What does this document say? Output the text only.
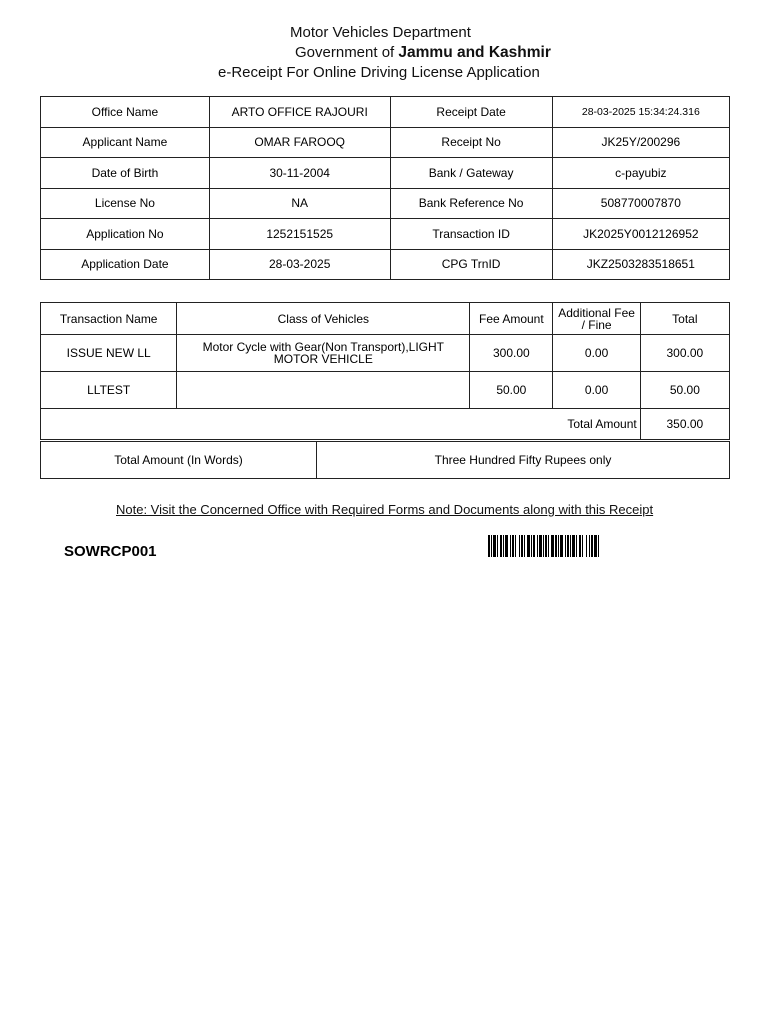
Motor Vehicles Department
Government of Jammu and Kashmir
e-Receipt For Online Driving License Application
Office Name	ARTO OFFICE RAJOURI	Receipt Date	28-03-2025 15:34:24.316
Applicant Name	OMAR FAROOQ	Receipt No	JK25Y/200296
Date of Birth	30-11-2004	Bank / Gateway	c-payubiz
License No	NA	Bank Reference No	508770007870
Application No	1252151525	Transaction ID	JK2025Y0012126952
Application Date	28-03-2025	CPG TrnID	JKZ2503283518651
Transaction Name	Class of Vehicles	Fee Amount	Additional Fee / Fine	Total
ISSUE NEW LL	Motor Cycle with Gear(Non Transport),LIGHT MOTOR VEHICLE	300.00	0.00	300.00
LLTEST		50.00	0.00	50.00
Total Amount				350.00
Total Amount (In Words)	Three Hundred Fifty Rupees only
Note: Visit the Concerned Office with Required Forms and Documents along with this Receipt
SOWRCP001
